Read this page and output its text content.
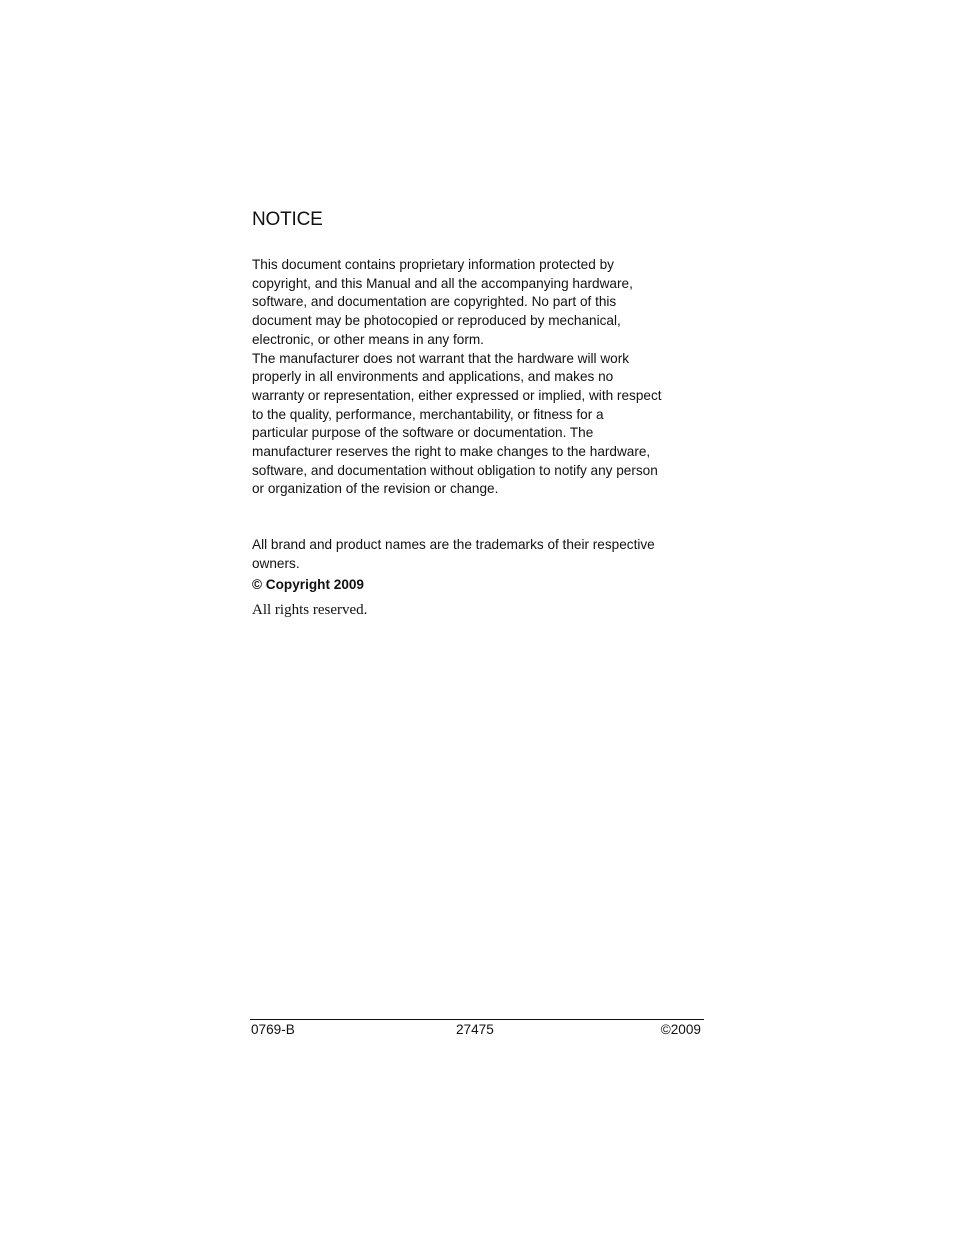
NOTICE

This document contains proprietary information protected by
copyright, and this Manual and all the accompanying hardware,
software, and documentation are copyrighted. No part of this
document may be photocopied or reproduced by mechanical,
electronic, or other means in any form.

The manufacturer does not warrant that the hardware will work
properly in all environments and applications, and makes no
warranty or representation, either expressed or implied, with respect
to the quality, performance, merchantability, or fitness for a
particular purpose of the software or documentation. The
manufacturer reserves the right to make changes to the hardware,
software, and documentation without obligation to notify any person
or organization of the revision or change.

All brand and product names are the trademarks of their respective
owners.

© Copyright 2009

All rights reserved.

0769-B	27475	©2009
